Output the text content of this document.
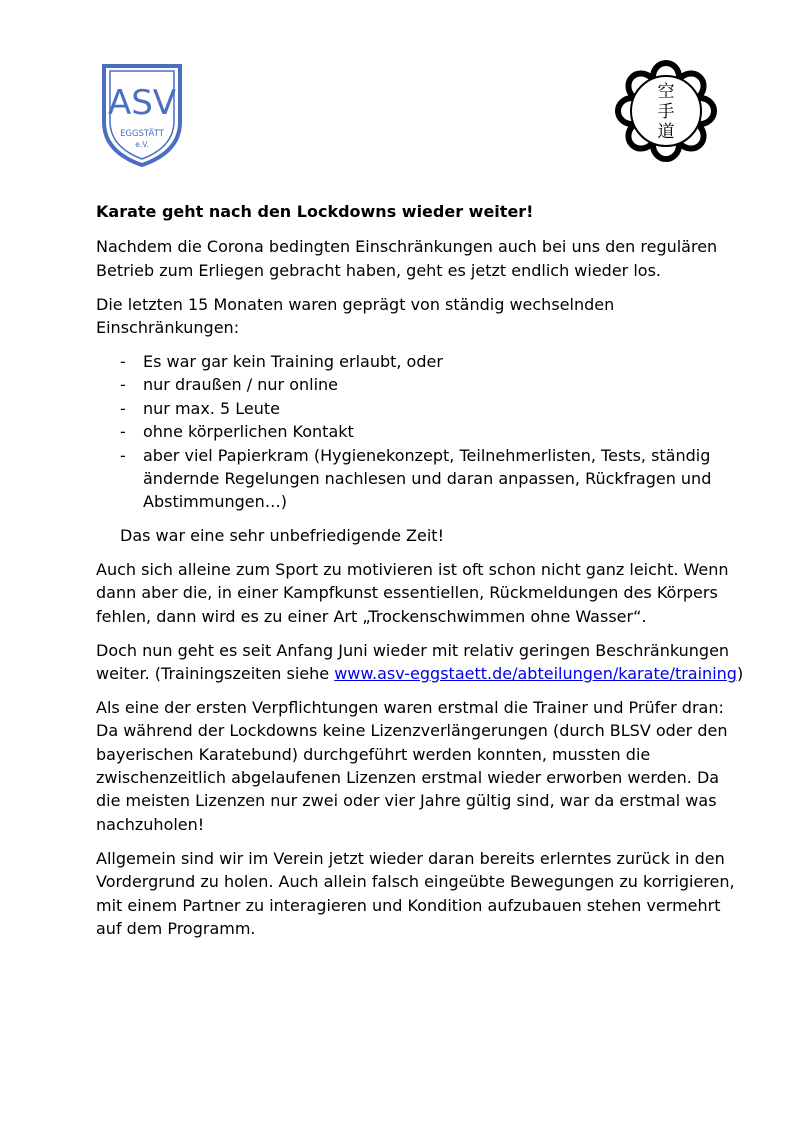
ASV
EGGSTÄTT
e.V.
空
手
道
Karate geht nach den Lockdowns wieder weiter!

Nachdem die Corona bedingten Einschränkungen auch bei uns den regulären Betrieb zum Erliegen gebracht haben, geht es jetzt endlich wieder los.

Die letzten 15 Monaten waren geprägt von ständig wechselnden Einschränkungen:

- Es war gar kein Training erlaubt, oder
- nur draußen / nur online
- nur max. 5 Leute
- ohne körperlichen Kontakt
- aber viel Papierkram (Hygienekonzept, Teilnehmerlisten, Tests, ständig ändernde Regelungen nachlesen und daran anpassen, Rückfragen und Abstimmungen…)

Das war eine sehr unbefriedigende Zeit!

Auch sich alleine zum Sport zu motivieren ist oft schon nicht ganz leicht. Wenn dann aber die, in einer Kampfkunst essentiellen, Rückmeldungen des Körpers fehlen, dann wird es zu einer Art „Trockenschwimmen ohne Wasser“.

Doch nun geht es seit Anfang Juni wieder mit relativ geringen Beschränkungen weiter. (Trainingszeiten siehe www.asv-eggstaett.de/abteilungen/karate/training)

Als eine der ersten Verpflichtungen waren erstmal die Trainer und Prüfer dran:
Da während der Lockdowns keine Lizenzverlängerungen (durch BLSV oder den bayerischen Karatebund) durchgeführt werden konnten, mussten die zwischenzeitlich abgelaufenen Lizenzen erstmal wieder erworben werden. Da die meisten Lizenzen nur zwei oder vier Jahre gültig sind, war da erstmal was nachzuholen!

Allgemein sind wir im Verein jetzt wieder daran bereits erlerntes zurück in den Vordergrund zu holen. Auch allein falsch eingeübte Bewegungen zu korrigieren, mit einem Partner zu interagieren und Kondition aufzubauen stehen vermehrt auf dem Programm.
